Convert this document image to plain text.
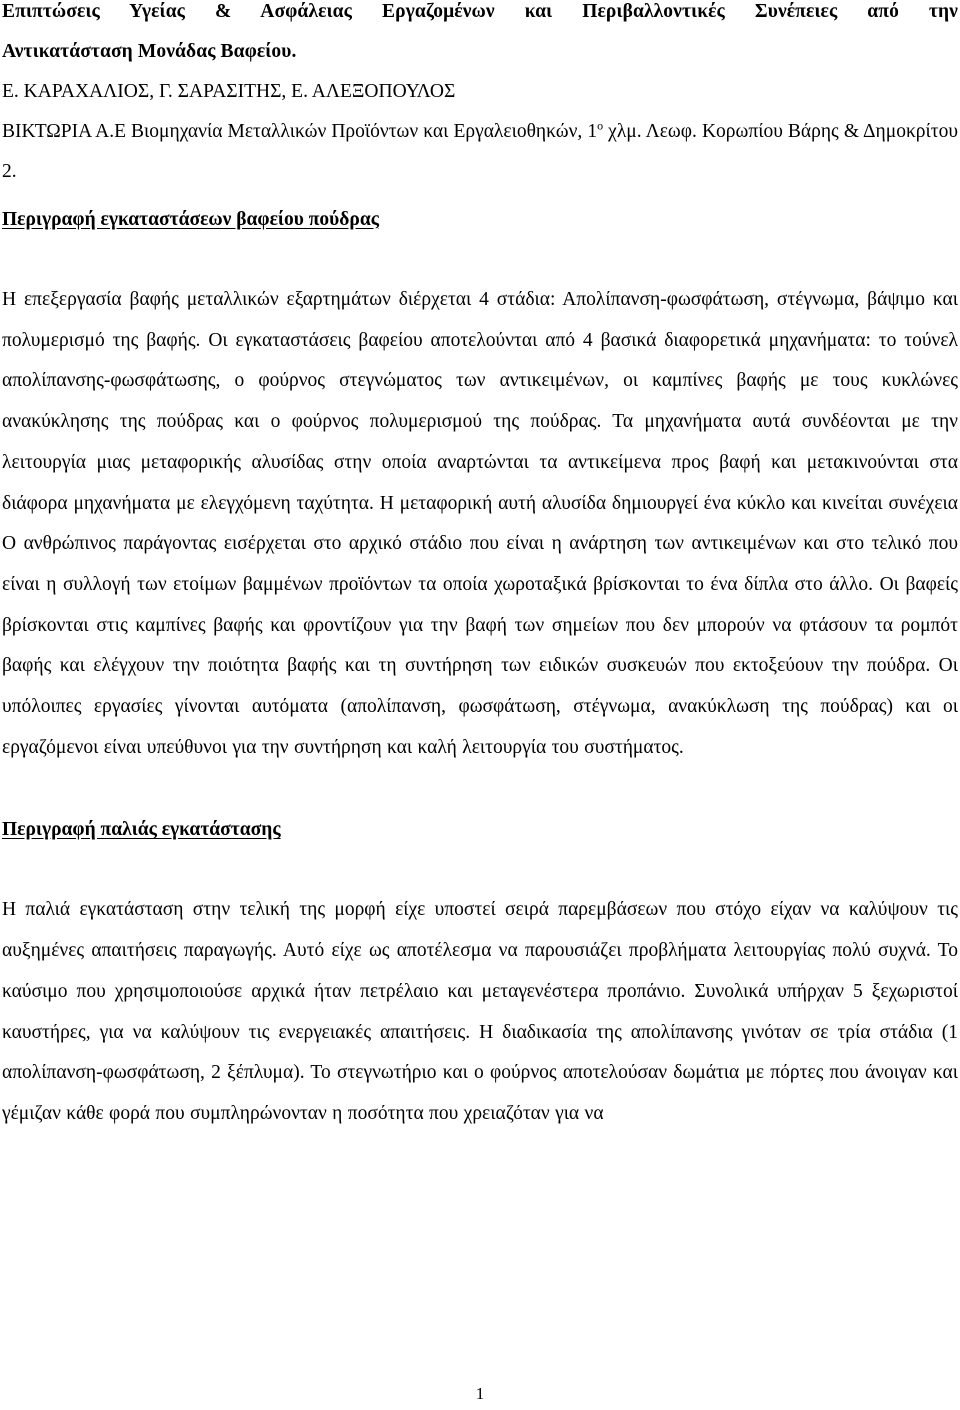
Επιπτώσεις Υγείας & Ασφάλειας Εργαζομένων και Περιβαλλοντικές Συνέπειες από την
Αντικατάσταση Μονάδας Βαφείου.

Ε. ΚΑΡΑΧΑΛΙΟΣ, Γ. ΣΑΡΑΣΙΤΗΣ, Ε. ΑΛΕΞΟΠΟΥΛΟΣ

ΒΙΚΤΩΡΙΑ Α.Ε Βιομηχανία Μεταλλικών Προϊόντων και Εργαλειοθηκών, $1^o$ χλμ. Λεωφ. Κορωπίου Βάρης & Δημοκρίτου 2.

Περιγραφή εγκαταστάσεων βαφείου πούδρας

Η επεξεργασία βαφής μεταλλικών εξαρτημάτων διέρχεται 4 στάδια: Απολίπανση-φωσφάτωση, στέγνωμα, βάψιμο και πολυμερισμό της βαφής. Οι εγκαταστάσεις βαφείου αποτελούνται από 4 βασικά διαφορετικά μηχανήματα: το τούνελ απολίπανσης-φωσφάτωσης, ο φούρνος στεγνώματος των αντικειμένων, οι καμπίνες βαφής με τους κυκλώνες ανακύκλησης της πούδρας και ο φούρνος πολυμερισμού της πούδρας. Τα μηχανήματα αυτά συνδέονται με την λειτουργία μιας μεταφορικής αλυσίδας στην οποία αναρτώνται τα αντικείμενα προς βαφή και μετακινούνται στα διάφορα μηχανήματα με ελεγχόμενη ταχύτητα. Η μεταφορική αυτή αλυσίδα δημιουργεί ένα κύκλο και κινείται συνέχεια Ο ανθρώπινος παράγοντας εισέρχεται στο αρχικό στάδιο που είναι η ανάρτηση των αντικειμένων και στο τελικό που είναι η συλλογή των ετοίμων βαμμένων προϊόντων τα οποία χωροταξικά βρίσκονται το ένα δίπλα στο άλλο. Οι βαφείς βρίσκονται στις καμπίνες βαφής και φροντίζουν για την βαφή των σημείων που δεν μπορούν να φτάσουν τα ρομπότ βαφής και ελέγχουν την ποιότητα βαφής και τη συντήρηση των ειδικών συσκευών που εκτοξεύουν την πούδρα. Οι υπόλοιπες εργασίες γίνονται αυτόματα (απολίπανση, φωσφάτωση, στέγνωμα, ανακύκλωση της πούδρας) και οι εργαζόμενοι είναι υπεύθυνοι για την συντήρηση και καλή λειτουργία του συστήματος.

Περιγραφή παλιάς εγκατάστασης

Η παλιά εγκατάσταση στην τελική της μορφή είχε υποστεί σειρά παρεμβάσεων που στόχο είχαν να καλύψουν τις αυξημένες απαιτήσεις παραγωγής. Αυτό είχε ως αποτέλεσμα να παρουσιάζει προβλήματα λειτουργίας πολύ συχνά. Το καύσιμο που χρησιμοποιούσε αρχικά ήταν πετρέλαιο και μεταγενέστερα προπάνιο. Συνολικά υπήρχαν 5 ξεχωριστοί καυστήρες, για να καλύψουν τις ενεργειακές απαιτήσεις. Η διαδικασία της απολίπανσης γινόταν σε τρία στάδια (1 απολίπανση-φωσφάτωση, 2 ξέπλυμα). Το στεγνωτήριο και ο φούρνος αποτελούσαν δωμάτια με πόρτες που άνοιγαν και γέμιζαν κάθε φορά που συμπληρώνονταν η ποσότητα που χρειαζόταν για να

1
